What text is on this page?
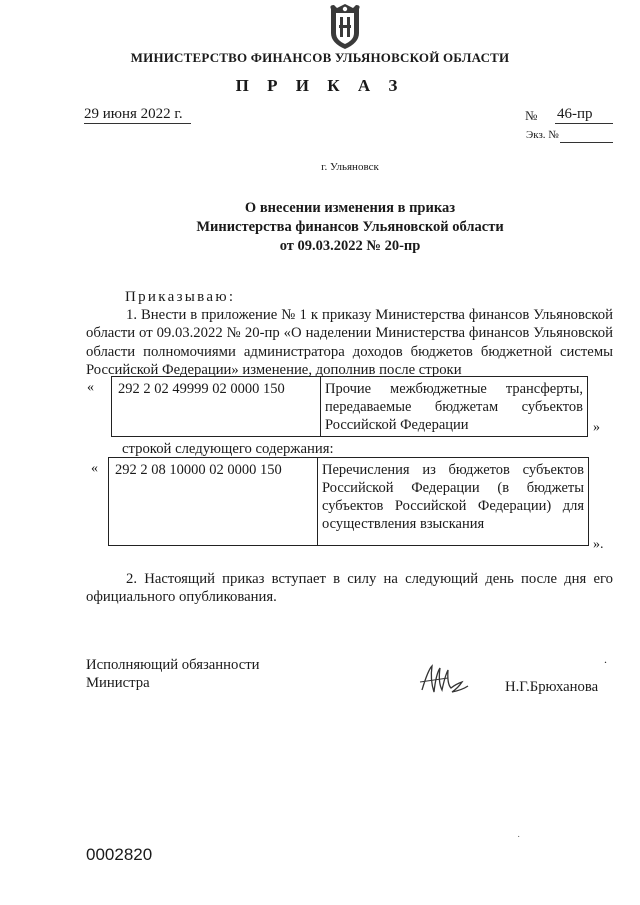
МИНИСТЕРСТВО ФИНАНСОВ УЛЬЯНОВСКОЙ ОБЛАСТИ
П Р И К А З
29 июня 2022 г.	№ 46-пр
Экз. №
г. Ульяновск
О внесении изменения в приказ
Министерства финансов Ульяновской области
от 09.03.2022 № 20-пр
Приказываю:
1. Внести в приложение № 1 к приказу Министерства финансов Ульяновской области от 09.03.2022 № 20-пр «О наделении Министерства финансов Ульяновской области полномочиями администратора доходов бюджетов бюджетной системы Российской Федерации» изменение, дополнив после строки
« 292 2 02 49999 02 0000 150	Прочие межбюджетные трансферты, передаваемые бюджетам субъектов Российской Федерации	»
строкой следующего содержания:
« 292 2 08 10000 02 0000 150	Перечисления из бюджетов субъектов Российской Федерации (в бюджеты субъектов Российской Федерации) для осуществления взыскания
».
2. Настоящий приказ вступает в силу на следующий день после дня его официального опубликования.
Исполняющий обязанности
Министра	Н.Г.Брюханова
.
˙
0002820
